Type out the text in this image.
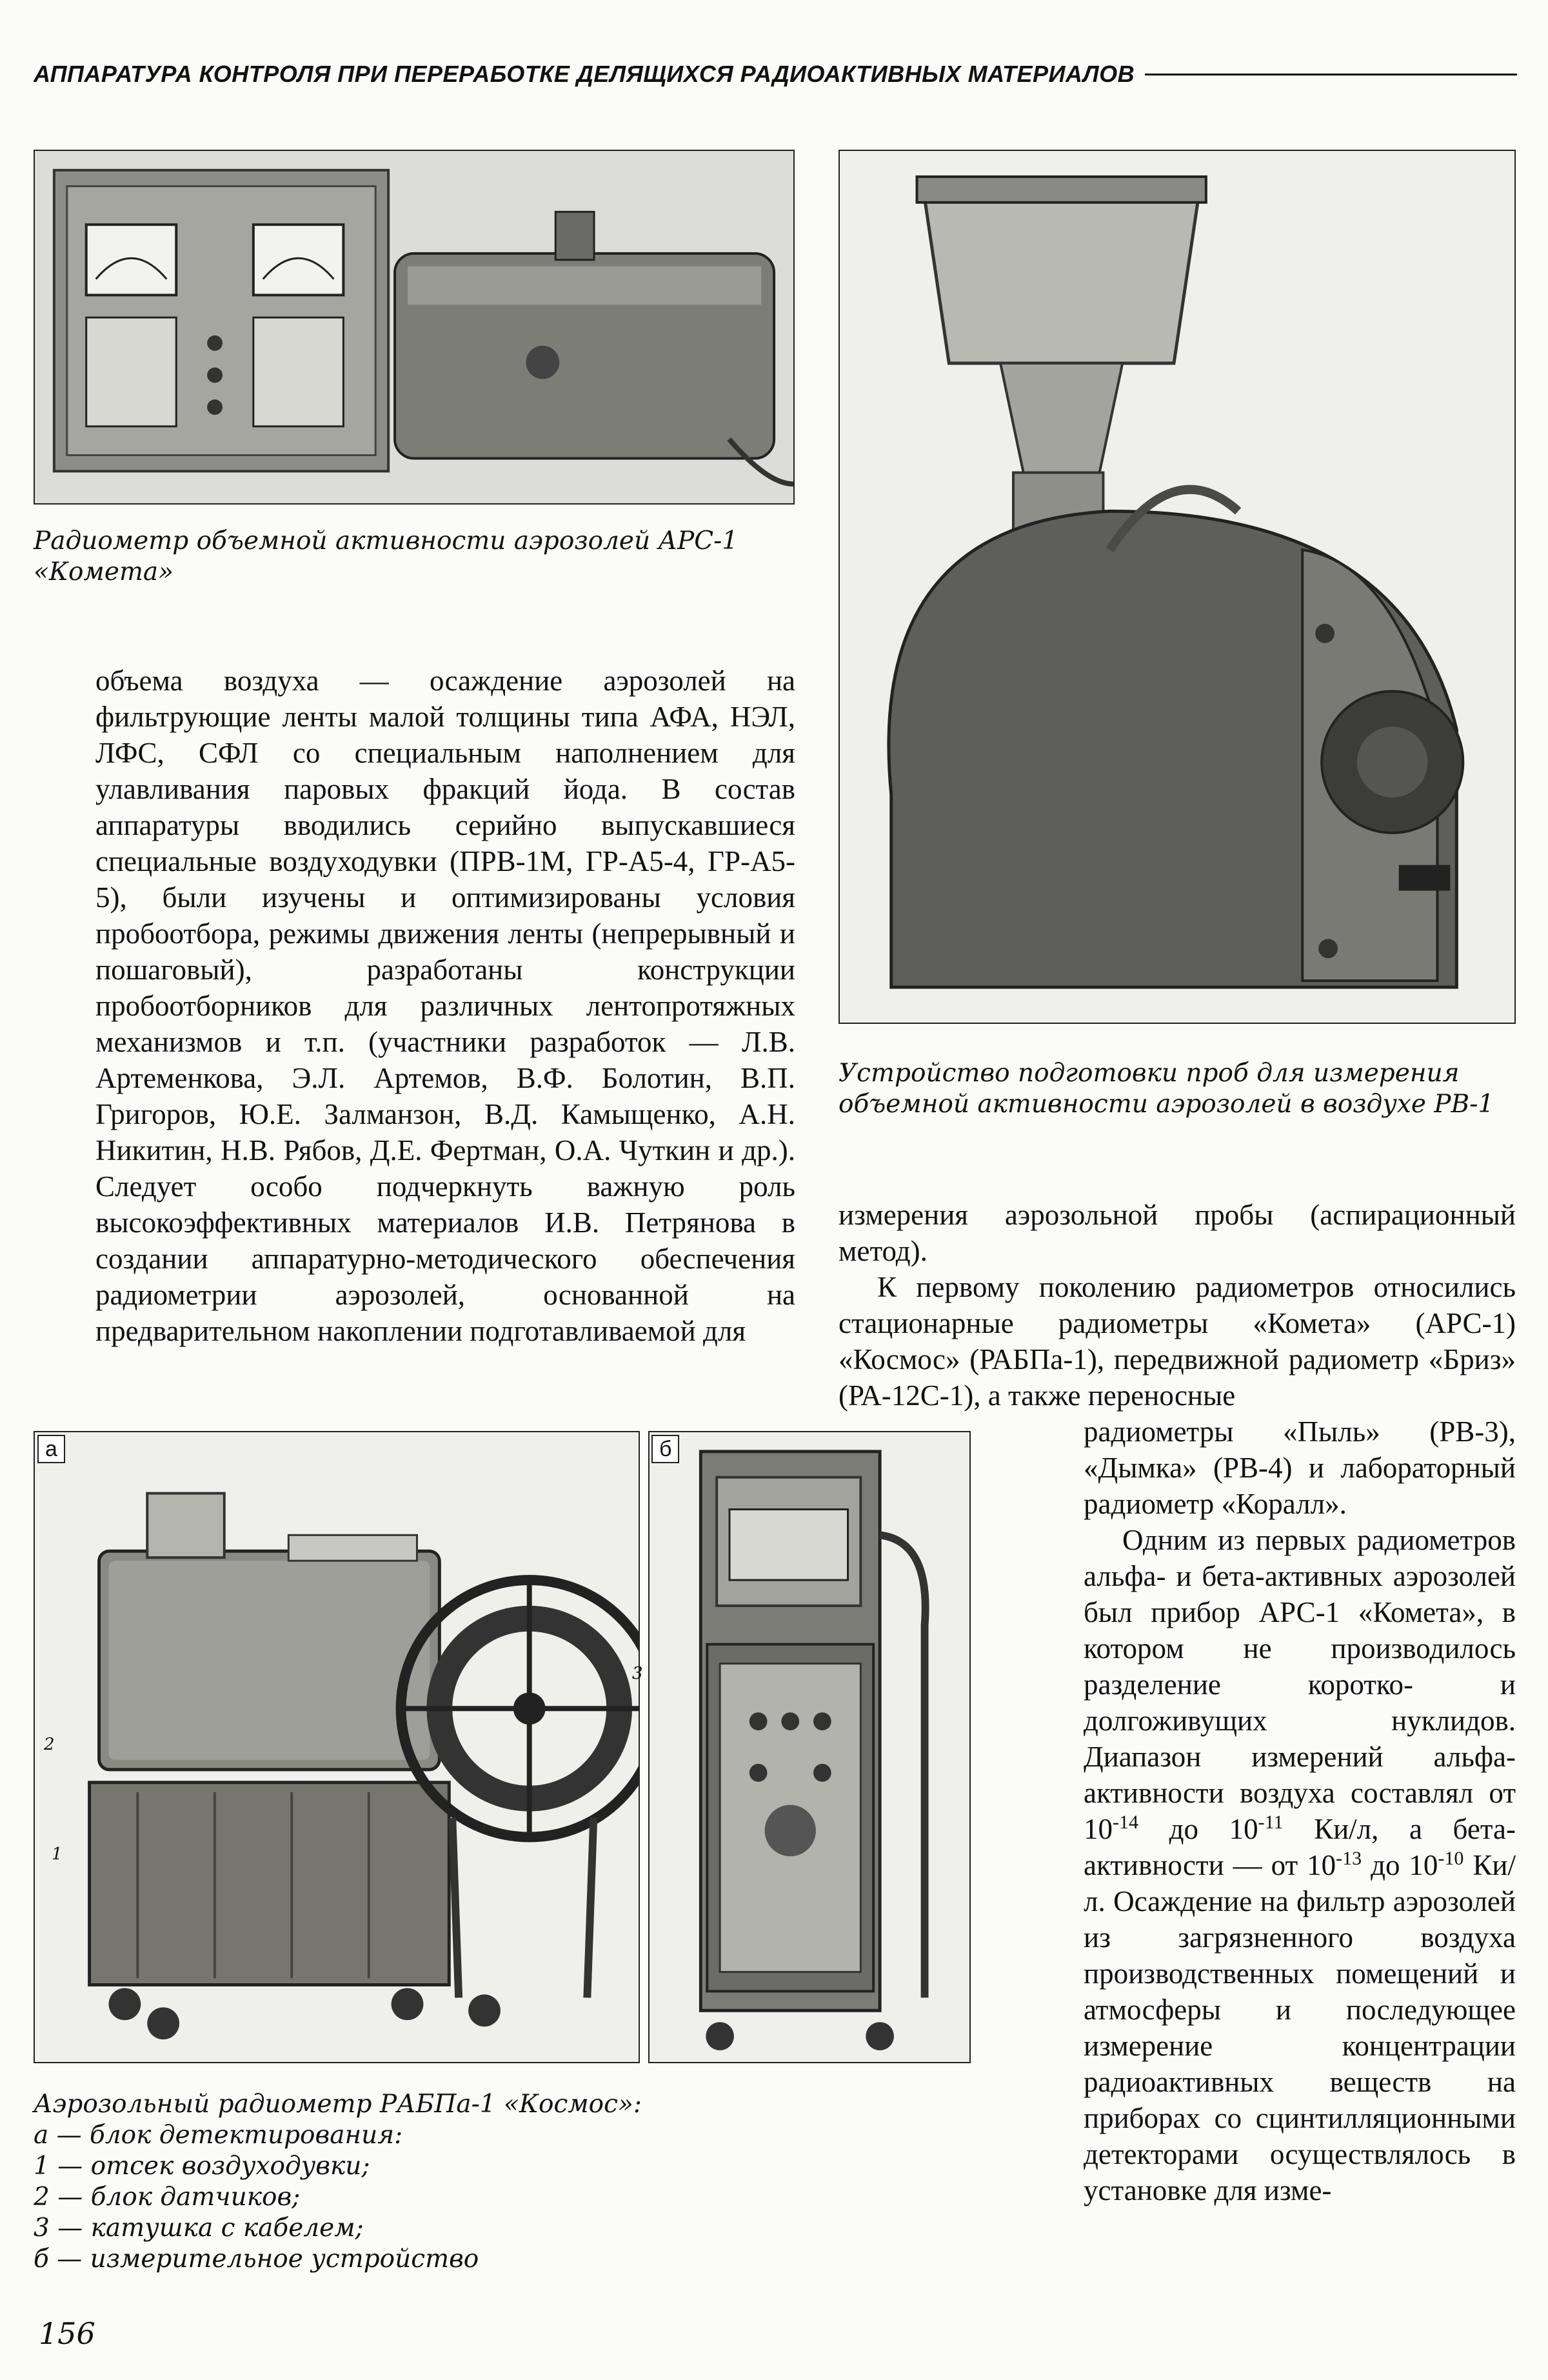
АППАРАТУРА КОНТРОЛЯ ПРИ ПЕРЕРАБОТКЕ ДЕЛЯЩИХСЯ РАДИОАКТИВНЫХ МАТЕРИАЛОВ
Радиометр объемной активности аэрозолей АРС-1 «Комета»
Устройство подготовки проб для измерения объемной активности аэрозолей в воздухе РВ-1

объема воздуха — осаждение аэрозолей на фильтрующие ленты малой толщины типа АФА, НЭЛ, ЛФС, СФЛ со специальным наполнением для улавливания паровых фракций йода. В состав аппаратуры вводились серийно выпускавшиеся специальные воздуходувки (ПРВ-1М, ГР-А5-4, ГР-А5-5), были изучены и оптимизированы условия пробоотбора, режимы движения ленты (непрерывный и пошаговый), разработаны конструкции пробоотборников для различных лентопротяжных механизмов и т.п. (участники разработок — Л.В. Артеменкова, Э.Л. Артемов, В.Ф. Болотин, В.П. Григоров, Ю.Е. Залманзон, В.Д. Камыщенко, А.Н. Никитин, Н.В. Рябов, Д.Е. Фертман, О.А. Чуткин и др.). Следует особо подчеркнуть важную роль высокоэффективных материалов И.В. Петрянова в создании аппаратурно-методического обеспечения радиометрии аэрозолей, основанной на предварительном накоплении подготавливаемой для

измерения аэрозольной пробы (аспирационный метод).

К первому поколению радиометров относились стационарные радиометры «Комета» (АРС-1) «Космос» (РАБПа-1), передвижной радиометр «Бриз» (РА-12С-1), а также переносные

радиометры «Пыль» (РВ-3), «Дымка» (РВ-4) и лабораторный радиометр «Коралл».

Одним из первых радиометров альфа- и бета-активных аэрозолей был прибор АРС-1 «Комета», в котором не производилось разделение коротко- и долгоживущих нуклидов. Диапазон измерений альфа-активности воздуха составлял от $10^{-14}$ до $10^{-11}$ Ки/л, а бета-активности — от $10^{-13}$ до $10^{-10}$ Ки/л. Осаждение на фильтр аэрозолей из загрязненного воздуха производственных помещений и атмосферы и последующее измерение концентрации радиоактивных веществ на приборах со сцинтилляционными детекторами осуществлялось в установке для изме-

а
1
2
3
б
Аэрозольный радиометр РАБПа-1 «Космос»:
а — блок детектирования:
1 — отсек воздуходувки;
2 — блок датчиков;
3 — катушка с кабелем;
б — измерительное устройство
156
